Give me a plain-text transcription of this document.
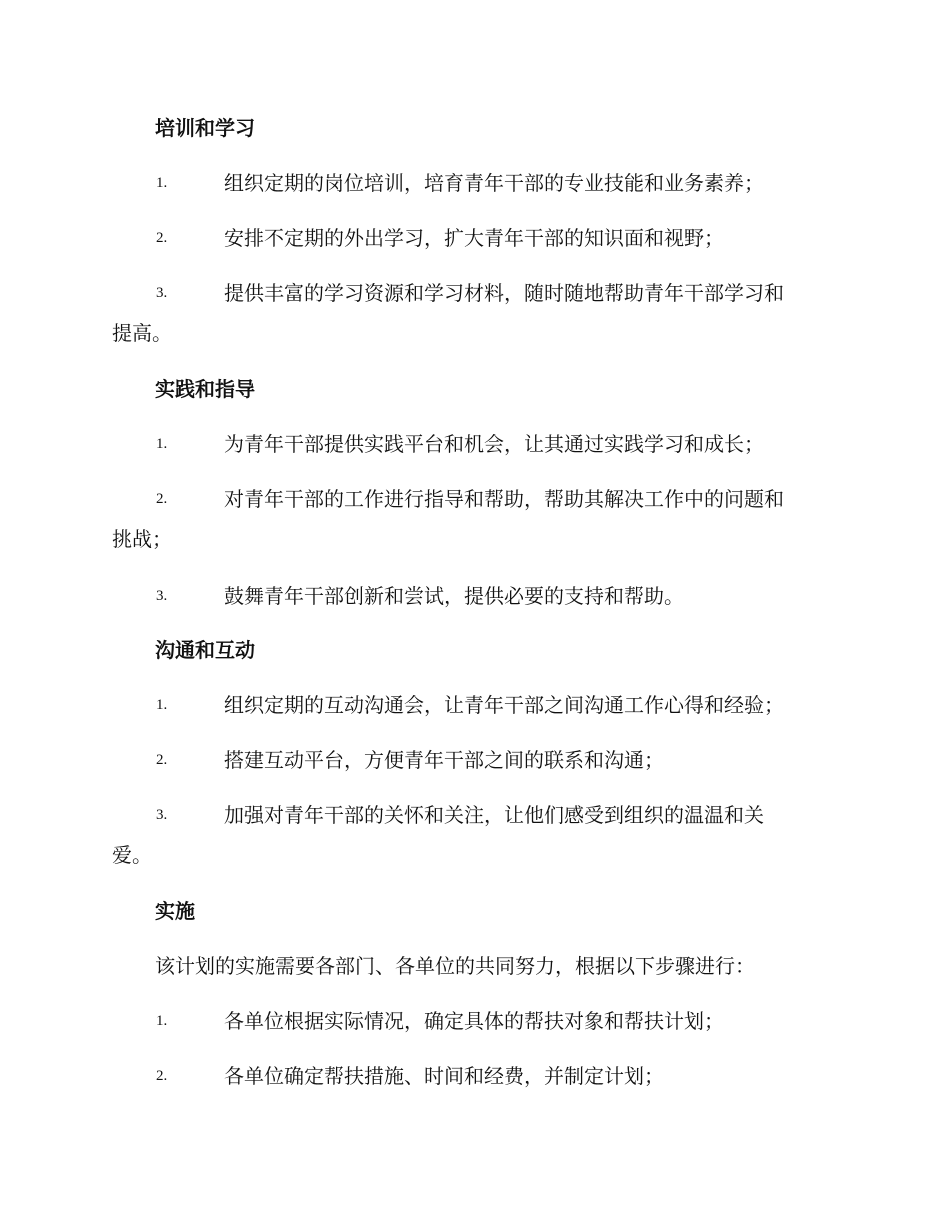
培训和学习
1.	组织定期的岗位培训，培育青年干部的专业技能和业务素养；
2.	安排不定期的外出学习，扩大青年干部的知识面和视野；
3.	提供丰富的学习资源和学习材料，随时随地帮助青年干部学习和
提高。
实践和指导
1.	为青年干部提供实践平台和机会，让其通过实践学习和成长；
2.	对青年干部的工作进行指导和帮助，帮助其解决工作中的问题和
挑战；
3.	鼓舞青年干部创新和尝试，提供必要的支持和帮助。
沟通和互动
1.	组织定期的互动沟通会，让青年干部之间沟通工作心得和经验；
2.	搭建互动平台，方便青年干部之间的联系和沟通；
3.	加强对青年干部的关怀和关注，让他们感受到组织的温温和关
爱。
实施
该计划的实施需要各部门、各单位的共同努力，根据以下步骤进行：
1.	各单位根据实际情况，确定具体的帮扶对象和帮扶计划；
2.	各单位确定帮扶措施、时间和经费，并制定计划；
